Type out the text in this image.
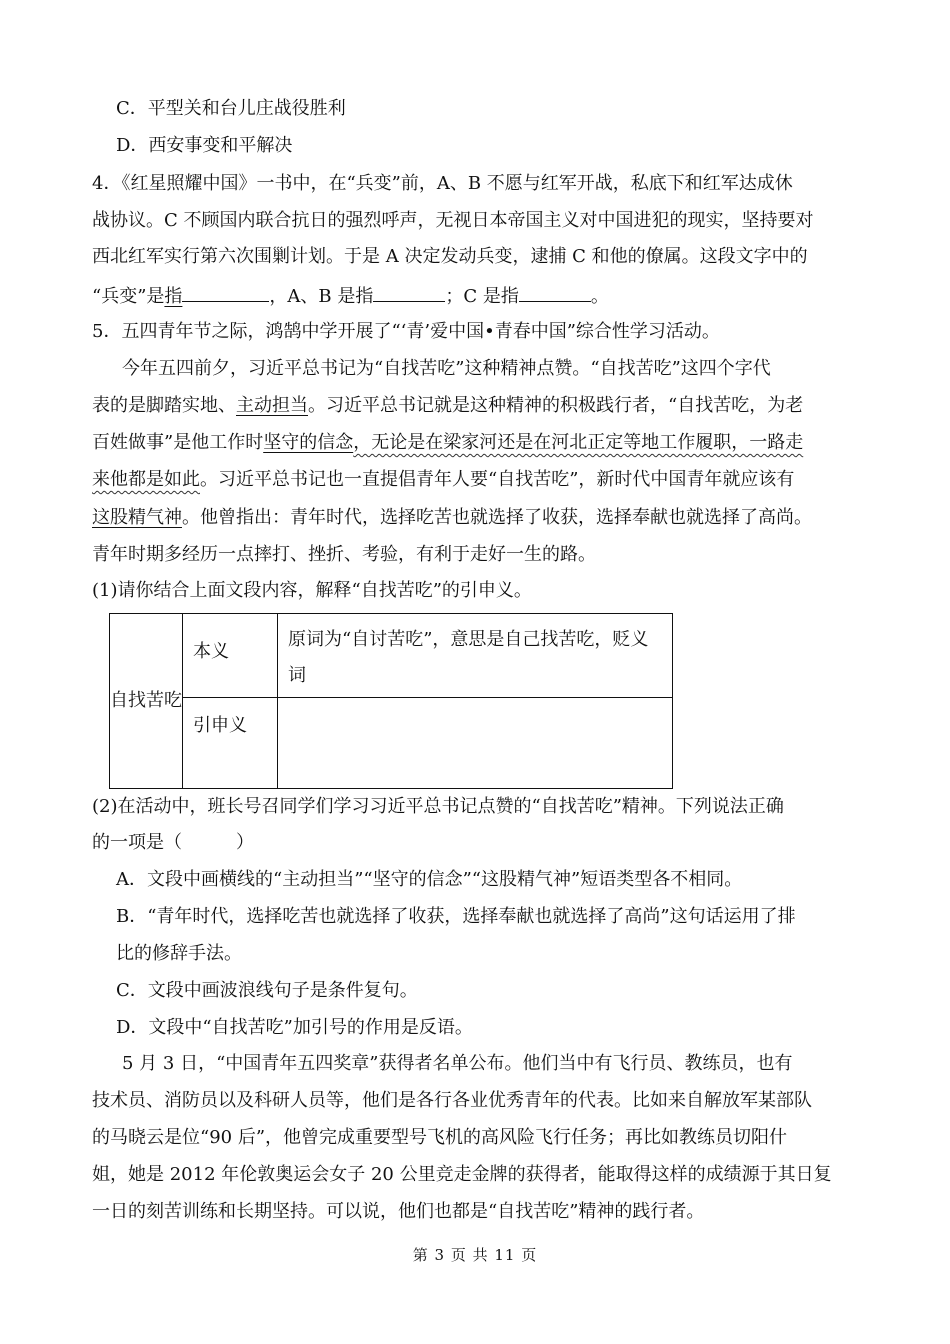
C．平型关和台儿庄战役胜利
D．西安事变和平解决
4．《红星照耀中国》一书中，在“兵变”前，A、B 不愿与红军开战，私底下和红军达成休
战协议。C 不顾国内联合抗日的强烈呼声，无视日本帝国主义对中国进犯的现实，坚持要对
西北红军实行第六次围剿计划。于是 A 决定发动兵变，逮捕 C 和他的僚属。这段文字中的
“兵变”是指	，A、B 是指	；C 是指	。
5．五四青年节之际，鸿鹄中学开展了“‘青’爱中国•青春中国”综合性学习活动。
今年五四前夕，习近平总书记为“自找苦吃”这种精神点赞。“自找苦吃”这四个字代
表的是脚踏实地、主动担当。习近平总书记就是这种精神的积极践行者，“自找苦吃，为老
百姓做事”是他工作时坚守的信念，无论是在梁家河还是在河北正定等地工作履职，一路走
来他都是如此。习近平总书记也一直提倡青年人要“自找苦吃”，新时代中国青年就应该有
这股精气神。他曾指出：青年时代，选择吃苦也就选择了收获，选择奉献也就选择了高尚。
青年时期多经历一点摔打、挫折、考验，有利于走好一生的路。
(1)请你结合上面文段内容，解释“自找苦吃”的引申义。
自找苦吃	本义	原词为“自讨苦吃”，意思是自己找苦吃，贬义词
	引申义	
(2)在活动中，班长号召同学们学习习近平总书记点赞的“自找苦吃”精神。下列说法正确
的一项是（　　　）
A．文段中画横线的“主动担当”“坚守的信念”“这股精气神”短语类型各不相同。
B．“青年时代，选择吃苦也就选择了收获，选择奉献也就选择了高尚”这句话运用了排
比的修辞手法。
C．文段中画波浪线句子是条件复句。
D．文段中“自找苦吃”加引号的作用是反语。
5 月 3 日，“中国青年五四奖章”获得者名单公布。他们当中有飞行员、教练员，也有
技术员、消防员以及科研人员等，他们是各行各业优秀青年的代表。比如来自解放军某部队
的马晓云是位“90 后”，他曾完成重要型号飞机的高风险飞行任务；再比如教练员切阳什
姐，她是 2012 年伦敦奥运会女子 20 公里竞走金牌的获得者，能取得这样的成绩源于其日复
一日的刻苦训练和长期坚持。可以说，他们也都是“自找苦吃”精神的践行者。
第 3 页 共 11 页
